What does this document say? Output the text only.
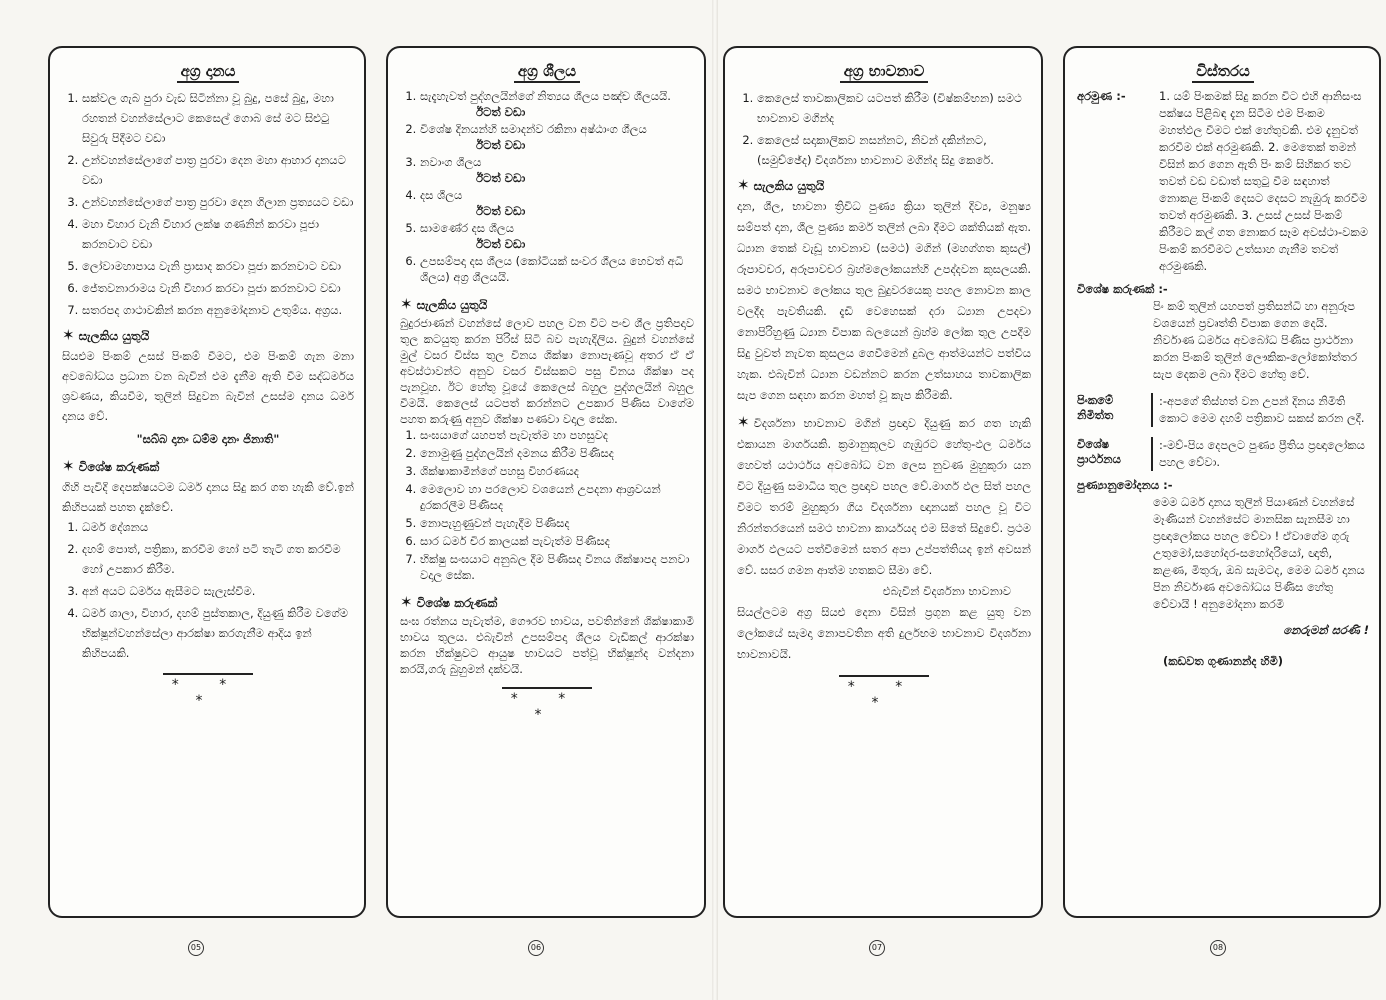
අග්‍ර දානය
1. සක්වල ගැබ පුරා වැඩ සිටින්නා වූ බුදු, පසේ බුදු, මහා රහතන් වහන්සේලාට කෙසෙල් ගොබ සේ මට සිළුටු සිවුරු පිදීමට වඩා
2. උන්වහන්සේලාගේ පාත්‍ර පුරවා දෙන මහා ආහාර දානයට වඩා
3. උන්වහන්සේලාගේ පාත්‍ර පුරවා දෙන ගිලාන ප්‍රත්‍යයට වඩා
4. මහා විහාර වැනි විහාර ලක්ෂ ගණනින් කරවා පූජා කරනවාට වඩා
5. ලෝවාමහාපාය වැනි ප්‍රාසාද කරවා පූජා කරනවාට වඩා
6. ජේතවනාරාමය වැනි විහාර කරවා පූජා කරනවාට වඩා
7. සතරපද ගාථාවකින් කරන අනුමෝදනාව උතුම්ය. අග්‍රය.
✶ සැලකිය යුතුයි
සියළුම පිංකම් උසස් පිංකම් වීමට, එම පිංකම් ගැන මනා අවබෝධය ප්‍රධාන වන බැවින් එම දැනීම ඇති වීම සද්ධර්මය ශ්‍රවණය, කියවීම, තුලින් සිදුවන බැවින් උසස්ම දානය ධර්ම දානය වේ.
"සබ්බ දානං ධම්ම දානං ජිනාති"
✶ විශේෂ කරුණක්
ගිහි පැවිදි දෙපක්ෂයටම ධර්ම දානය සිදු කර ගත හැකි වේ.ඉන් කිහිපයක් පහත දැක්වේ.
1. ධර්ම දේශනය
2. දහම් පොත්, පත්‍රිකා, කරවීම හෝ පටි තැටි ගත කරවීම හෝ උපකාර කිරීම.
3. අන් අයට ධර්මය ඇසීමට සැලැස්වීම.
4. ධර්ම ශාලා, විහාර, දහම් පුස්තකාල, දියුණු කිරීම වගේම භික්ෂූන්වහන්සේලා ආරක්ෂා කරගැනීම ආදිය ඉන් කිහිපයකි.
* * *
05
අග්‍ර ශීලය
1. සැදැහැවත් පුද්ගලයින්ගේ නිත්‍යය ශීලය පඤ්ච ශීලයයි.
ඊටත් වඩා
2. විශේෂ දිනයන්හි සමාදන්ව රකිනා අෂ්ඨාංග ශීලය
ඊටත් වඩා
3. නවාංග ශීලය
ඊටත් වඩා
4. දස ශීලය
ඊටත් වඩා
5. සාමණේර දස ශීලය
ඊටත් වඩා
6. උපසම්පදා දස ශීලය (කෝටියක් සංවර ශීලය හෙවත් අධි ශීලය) අග්‍ර ශීලයයි.
✶ සැලකිය යුතුයි
බුදුරජාණන් වහන්සේ ලොව පහල වන විට පංච ශීල ප්‍රතිපදාව තුල කටයුතු කරන පිරිස් සිටි බව පැහැදිලිය. බුදුන් වහන්සේ මුල් වසර විස්ස තුල විනය ශික්ෂා නොපැණවූ අතර ඒ ඒ අවස්ථාවන්ට අනුව වසර විස්සකට පසු විනය ශික්ෂා පද පැනවූහ. ඊට හේතු වූයේ කෙලෙස් බහුල පුද්ගලයින් බහුල වීමයි. කෙලෙස් යටපත් කරන්නට උපකාර පිණිස වාගේම පහත කරුණු අනුව ශික්ෂා පණවා වදාල සේක.
1. සංඝයාගේ යහපත් පැවැත්ම හා පහසුවද
2. නොමුණු පුද්ගලයින් දමනය කිරීම පිණිසද
3. ශික්ෂාකාමීන්ගේ පහසු විහරණයද
4. මෙලොව හා පරලොව වශයෙන් උපදනා ආශ්‍රවයන් දුරකරලීම පිණිසද
5. නොපැහුණුවන් පැහැදීම පිණිසද
6. සාර ධර්ම චිර කාලයක් පැවැත්ම පිණිසද
7. භික්ෂු සංඝයාට අනුබල දීම පිණිසද විනය ශික්ෂාපද පනවා වදාල සේක.
✶ විශේෂ කරුණක්
සංඝ රත්නය පැවැත්ම, ගෞරව භාවය, පවතින්නේ ශික්ෂාකාමී භාවය තුලය. එබැවින් උපසම්පදා ශීලය වැඩිකල් ආරක්ෂා කරන භික්ෂුවට ආයුෂ භාවයට පත්වූ භික්ෂූන්ද වන්දනා කරයි,ගරු බුහුමන් දක්වයි.
* * *
06
අග්‍ර භාවනාව
1. කෙලෙස් තාවකාලිකව යටපත් කිරීම (විෂ්කම්භන) සමථ භාවනාව මගින්ද
2. කෙලෙස් සදාකාලිකව නසන්නට, නිවන් දකින්නට,(සමුච්ඡේද) විදර්ශනා භාවනාව මගින්ද සිදු කෙරේ.
✶ සැලකිය යුතුයි
දාන, ශීල, භාවනා ත්‍රිවිධ පුණ්‍ය ක්‍රියා තුලින් දිව්‍ය, මනුෂ්‍ය සම්පත් දාන, ශීල පුණ්‍ය කර්ම තලින් ලබා දීමට ශක්තියක් ඇත. ධ්‍යාන තෙක් වැඩූ භාවනාව (සමථ) මගින් (මහග්ගත කුසල්) රූපාවචර, අරූපාවචර බ්‍රහ්මලෝකයන්හි උපද්දවන කුසලයකි. සමථ භාවනාව ලෝකය තුල බුදුවරයෙකු පහල නොවන කාල වලදීද පැවතියකි. දැඩි වෙහෙසක් දරා ධ්‍යාන උපදවා නොපිරිහුණු ධ්‍යාන විපාක බලයෙන් බ්‍රහ්ම ලෝක තුල උපදීම සිදු වුවත් නැවත කුසලය ගෙවීමෙන් දුබල ආත්මයන්ට පත්විය හැක. එබැවින් ධ්‍යාන වඩන්නට කරන උත්සාහය තාවකාලික සැප ගෙන සඳහා කරන මහත් වූ කැප කිරීමකි.
✶ විදර්ශනා භාවනාව මගින් ප්‍රඥාව දියුණු කර ගත හැකි එකායන මාර්ගයකි. ක්‍රමානුකූලව ගැඹුරට හේතු-ඵල ධර්මය හෙවත් යථාර්ථය අවබෝධ වන ලෙස නුවණ මුහුකුරා යන විට දියුණු සමාධිය තුල ප්‍රඥාව පහල වේ.මාර්ග ඵල සිත් පහල වීමට තරම් මුහුකුරා ගිය විදර්ශනා ඥානයක් පහල වූ විට නිරන්තරයෙන් සමථ භාවනා කාර්යයද එම සිතේ සිදුවේ. ප්‍රථම මාර්ග ඵලයට පත්වීමෙන් සතර අපා උප්පත්තියද ඉන් අවසන් වේ. සසර ගමන ආත්ම හතකට සීමා වේ.
එබැවින් විදර්ශනා භාවනාව
සියල්ලටම අග්‍ර සියළු දෙනා විසින් ප්‍රගුන කළ යුතු වන ලෝකයේ සැමදා නොපවතින අති දුර්ලභම භාවනාව විදර්ශනා භාවනාවයි.
* * *
07
විස්තරය
අරමුණ :-	1. යම් පිංකමක් සිදු කරන විට එහි ආනිසංස පක්ෂය පිළිබඳ දැන සිටීම එම පිංකම මහත්ඵල වීමට එක් හේතුවකි. එම දැනුවත් කරවීම එක් අරමුණකි. 2. මෙතෙක් තමන් විසින් කර ගෙන ඇති පිං කම් සිහිකර තව තවත් වඩ වඩාත් සතුටු වීම සඳහාත් නොකළ පිංකම් දෙසට දෙසට නැඹුරු කරවීම තවත් අරමුණකි. 3. උසස් උසස් පිංකම් කිරීමට කල් ගත නොකර සෑම අවස්ථා-වකම පිංකම් කරවීමට උත්සාහ ගැනීම තවත් අරමුණකි.
විශේෂ කරුණක් :-
පිං කම් තුලින් යහපත් ප්‍රතිසන්ධි හා අනුරූප වශයෙන් ප්‍රවෘත්ති විපාක ගෙන දෙයි. නිර්වාණ ධර්මය අවබෝධ පිණිස ප්‍රාර්ථනා කරන පිංකම් තුලින් ලෞකික-ලෝකෝත්තර සැප දෙකම ලබා දීමට හේතු වේ.
පිංකමේ නිමිත්ත
:-අපගේ තිස්හත් වන උපන් දිනය නිමිති කොට මෙම දහම් පත්‍රිකාව සකස් කරන ලදී.
විශේෂ ප්‍රාර්ථනය
:-මව්-පිය දෙපලට පුණ්‍ය ප්‍රීතිය ප්‍රඥාලෝකය පහල වේවා.
පුණ්‍යානුමෝදනය :-
මෙම ධර්ම දානය තුලින් පියාණන් වහන්සේ මෑණියන් වහන්සේට මානසික සැනසීම හා ප්‍රඥාලෝකය පහල වේවා ! ඒවාගේම ගුරු උතුමෝ,සහෝදර-සහෝදරියෝ, ඥාති, කළණ, මිතුරු, ඔබ සැමටද, මෙම ධර්ම දානය පින නිර්වාණ අවබෝධය පිණිස හේතු වේවායි ! අනුමෝදනා කරමි
නෙරුමන් සරණි !
(කඩවත ගුණානන්ද හිමි)
08
